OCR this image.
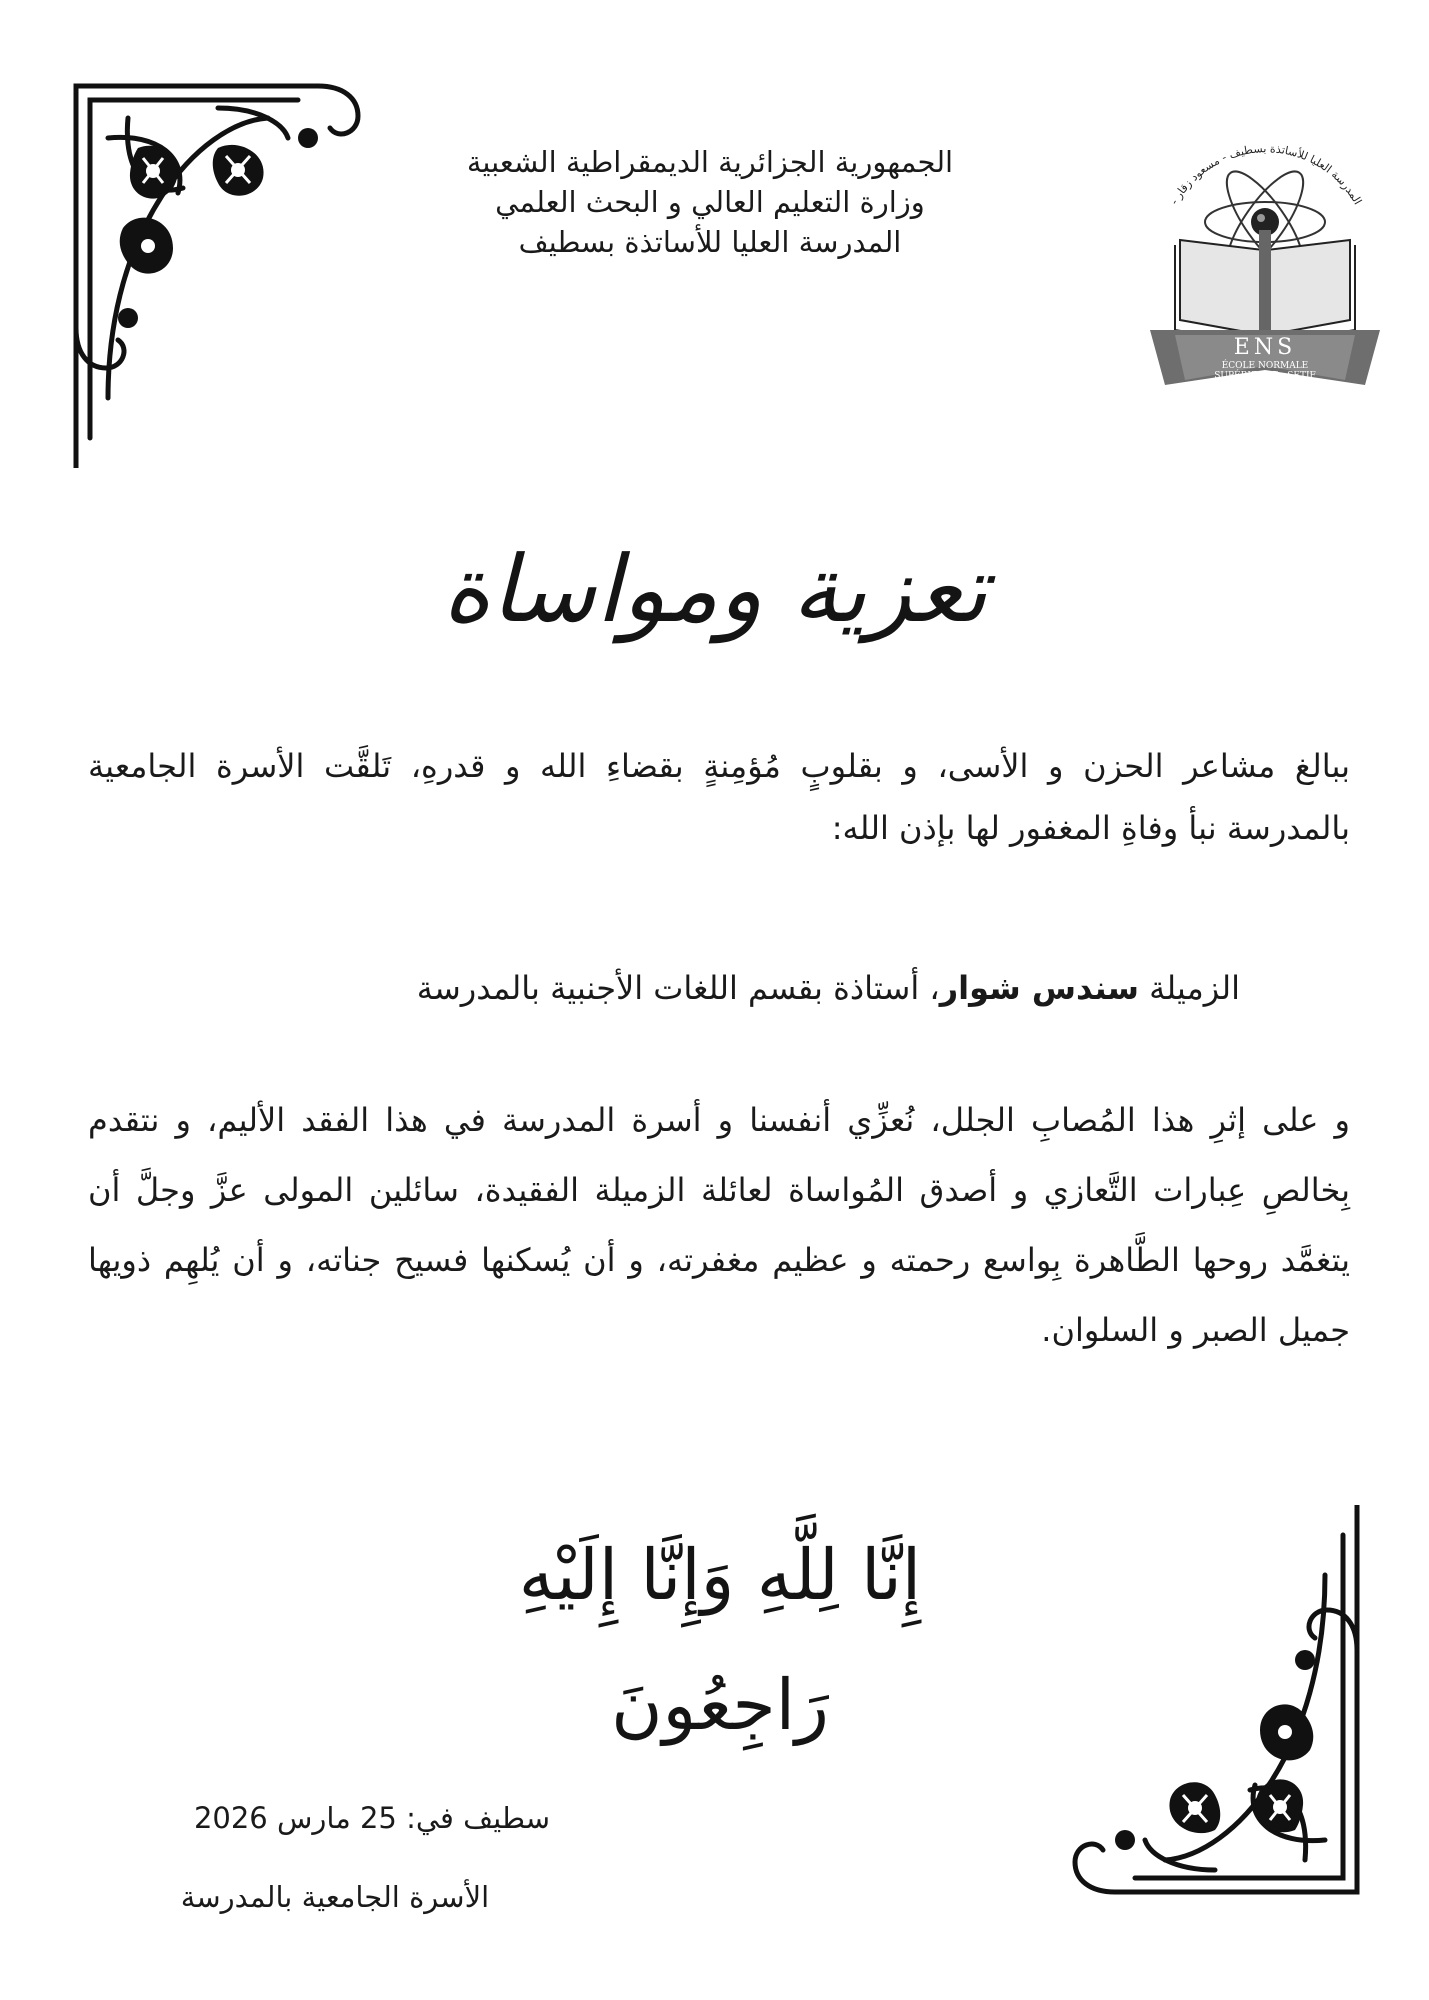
الجمهورية الجزائرية الديمقراطية الشعبية
وزارة التعليم العالي و البحث العلمي
المدرسة العليا للأساتذة بسطيف
المدرسة العليا للأساتذة بسطيف - مسعود زقار -
ENS
ÉCOLE NORMALE
SUPÉRIEURE - SETIF
تعزية ومواساة
ببالغ مشاعر الحزن و الأسى، و بقلوبٍ مُؤمِنةٍ بقضاءِ الله و قدرهِ، تَلقَّت الأسرة الجامعية بالمدرسة نبأ وفاةِ المغفور لها بإذن الله:
الزميلة سندس شوار، أستاذة بقسم اللغات الأجنبية بالمدرسة
و على إثرِ هذا المُصابِ الجلل، نُعزِّي أنفسنا و أسرة المدرسة في هذا الفقد الأليم، و نتقدم بِخالصِ عِبارات التَّعازي و أصدق المُواساة لعائلة الزميلة الفقيدة، سائلين المولى عزَّ وجلَّ أن يتغمَّد روحها الطَّاهرة بِواسع رحمته و عظيم مغفرته، و أن يُسكنها فسيح جناته، و أن يُلهِم ذويها جميل الصبر و السلوان.
إِنَّا لِلَّهِ وَإِنَّا إِلَيْهِ رَاجِعُونَ
سطيف في: 25 مارس 2026
الأسرة الجامعية بالمدرسة
